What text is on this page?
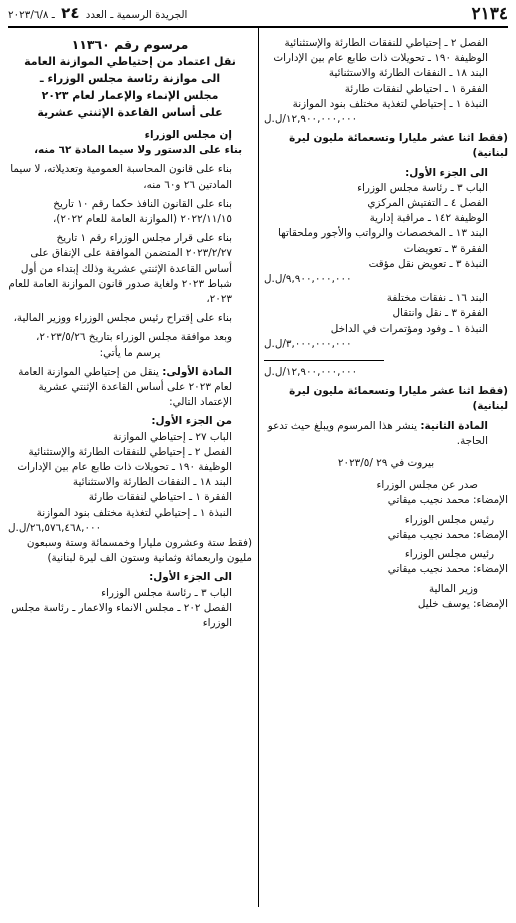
٢١٣٤
الجريدة الرسمية ـ العدد ٢٤ ـ ٢٠٢٣/٦/٨

الفصل ٢ ـ إحتياطي للنفقات الطارئة والإستثنائية

الوظيفة ١٩٠ ـ تحويلات ذات طابع عام بين الإدارات

البند ١٨ ـ النفقات الطارئة والاستثنائية

الفقرة ١ ـ احتياطي لنفقات طارئة

النبذة ١ ـ إحتياطي لتغذية مختلف بنود الموازنة

١٢,٩٠٠,٠٠٠,٠٠٠/ل.ل

(فقط اثنا عشر مليارا وتسعمائة مليون ليرة لبنانية)

الى الجزء الأول:

الباب ٣ ـ رئاسة مجلس الوزراء

الفصل ٤ ـ التفتيش المركزي

الوظيفة ١٤٢ ـ مراقبة إدارية

البند ١٣ ـ المخصصات والرواتب والأجور وملحقاتها

الفقرة ٣ ـ تعويضات

النبذة ٣ ـ تعويض نقل مؤقت

٩,٩٠٠,٠٠٠,٠٠٠/ل.ل

البند ١٦ ـ نفقات مختلفة

الفقرة ٣ ـ نقل وانتقال

النبذة ١ ـ وفود ومؤتمرات في الداخل

٣,٠٠٠,٠٠٠,٠٠٠/ل.ل

١٢,٩٠٠,٠٠٠,٠٠٠/ل.ل

(فقط اثنا عشر مليارا وتسعمائة مليون ليرة لبنانية)

المادة الثانية: ينشر هذا المرسوم ويبلغ حيث تدعو الحاجة.

بيروت في ٢٩ /٢٠٢٣/٥

صدر عن مجلس الوزراء

الإمضاء: محمد نجيب ميقاتي

رئيس مجلس الوزراء

الإمضاء: محمد نجيب ميقاتي

رئيس مجلس الوزراء

الإمضاء: محمد نجيب ميقاتي

وزير المالية

الإمضاء: يوسف خليل

مرسوم رقم ١١٣٦٠

نقل اعتماد من إحتياطي الموازنة العامة

الى موازنة رئاسة مجلس الوزراء ـ

مجلس الإنماء والإعمار لعام ٢٠٢٣

على أساس القاعدة الإثنتي عشرية

إن مجلس الوزراء

بناء على الدستور ولا سيما المادة ٦٢ منه،

بناء على قانون المحاسبة العمومية وتعديلاته، لا سيما المادتين ٢٦ و٦٠ منه،

بناء على القانون النافذ حكما رقم ١٠ تاريخ ٢٠٢٢/١١/١٥ (الموازنة العامة للعام ٢٠٢٢)،

بناء على قرار مجلس الوزراء رقم ١ تاريخ ٢٠٢٣/٢/٢٧ المتضمن الموافقة على الإنفاق على أساس القاعدة الإثنتي عشرية وذلك إبتداء من أول شباط ٢٠٢٣ ولغاية صدور قانون الموازنة العامة للعام ٢٠٢٣،

بناء على إقتراح رئيس مجلس الوزراء ووزير المالية،

وبعد موافقة مجلس الوزراء بتاريخ ٢٠٢٣/٥/٢٦،

يرسم ما يأتي:

المادة الأولى: ينقل من إحتياطي الموازنة العامة لعام ٢٠٢٣ على أساس القاعدة الإثنتي عشرية الإعتماد التالي:

من الجزء الأول:

الباب ٢٧ ـ إحتياطي الموازنة

الفصل ٢ ـ إحتياطي للنفقات الطارئة والإستثنائية

الوظيفة ١٩٠ ـ تحويلات ذات طابع عام بين الإدارات

البند ١٨ ـ النفقات الطارئة والاستثنائية

الفقرة ١ ـ احتياطي لنفقات طارئة

النبذة ١ ـ إحتياطي لتغذية مختلف بنود الموازنة

٢٦,٥٧٦,٤٦٨,٠٠٠/ل.ل

(فقط ستة وعشرون مليارا وخمسمائة وستة وسبعون مليون واربعمائة وثمانية وستون الف ليرة لبنانية)

الى الجزء الأول:

الباب ٣ ـ رئاسة مجلس الوزراء

الفصل ٢٠٢ ـ مجلس الانماء والاعمار ـ رئاسة مجلس الوزراء
